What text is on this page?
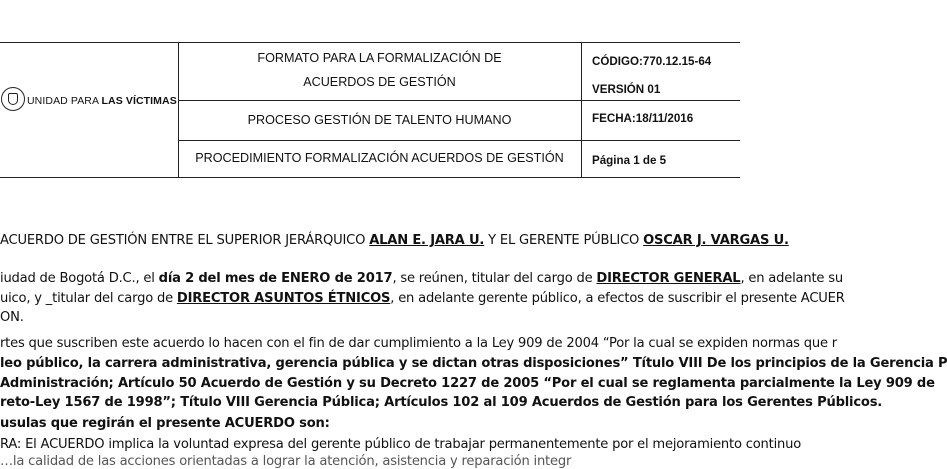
UNIDAD PARA LAS VÍCTIMAS
FORMATO PARA LA FORMALIZACIÓN DE
ACUERDOS DE GESTIÓN
PROCESO GESTIÓN DE TALENTO HUMANO
PROCEDIMIENTO FORMALIZACIÓN ACUERDOS DE GESTIÓN
CÓDIGO:770.12.15-64
VERSIÓN 01
FECHA:18/11/2016
Página 1 de 5
ACUERDO DE GESTIÓN ENTRE EL SUPERIOR JERÁRQUICO ALAN E. JARA U. Y EL GERENTE PÚBLICO OSCAR J. VARGAS U.
iudad de Bogotá D.C., el día 2 del mes de ENERO de 2017, se reúnen, titular del cargo de DIRECTOR GENERAL, en adelante su
uico, y _titular del cargo de DIRECTOR ASUNTOS ÉTNICOS, en adelante gerente público, a efectos de suscribir el presente ACUER
ON.
rtes que suscriben este acuerdo lo hacen con el fin de dar cumplimiento a la Ley 909 de 2004 “Por la cual se expiden normas que r
leo público, la carrera administrativa, gerencia pública y se dictan otras disposiciones” Título VIII De los principios de la Gerencia P
Administración; Artículo 50 Acuerdo de Gestión y su Decreto 1227 de 2005 “Por el cual se reglamenta parcialmente la Ley 909 de
reto-Ley 1567 de 1998”; Título VIII Gerencia Pública; Artículos 102 al 109 Acuerdos de Gestión para los Gerentes Públicos.
usulas que regirán el presente ACUERDO son:
RA: El ACUERDO implica la voluntad expresa del gerente público de trabajar permanentemente por el mejoramiento continuo
…la calidad de las acciones orientadas a lograr la atención, asistencia y reparación integr
